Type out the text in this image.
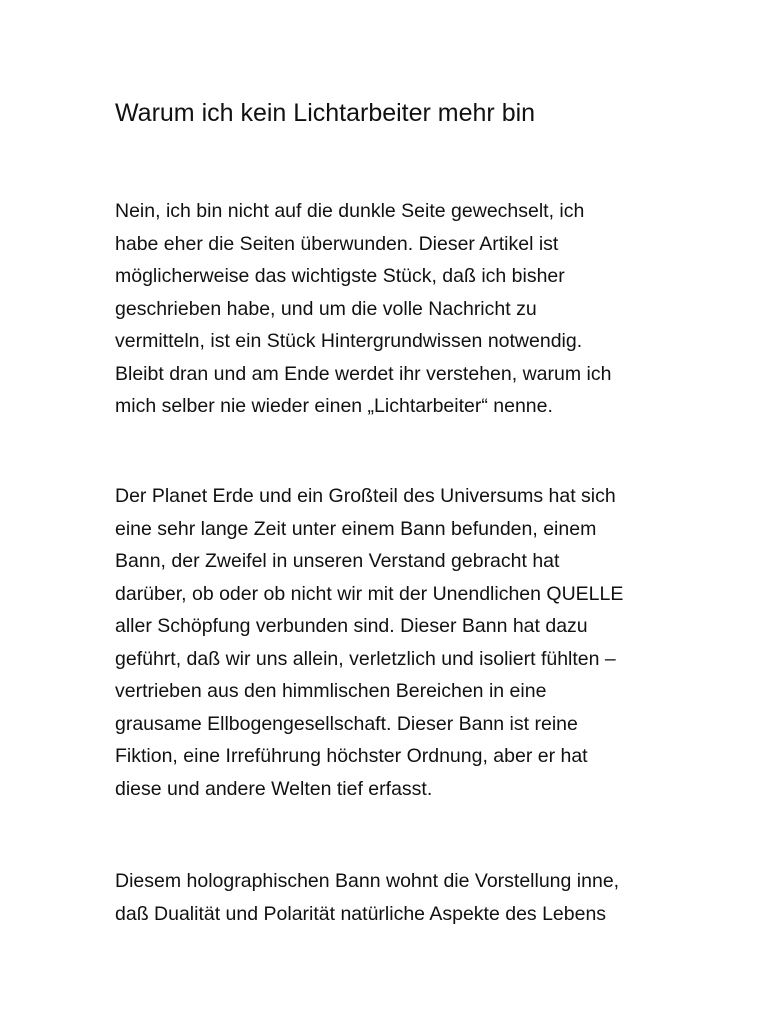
Warum ich kein Lichtarbeiter mehr bin
Nein, ich bin nicht auf die dunkle Seite gewechselt, ich
habe eher die Seiten überwunden. Dieser Artikel ist
möglicherweise das wichtigste Stück, daß ich bisher
geschrieben habe, und um die volle Nachricht zu
vermitteln, ist ein Stück Hintergrundwissen notwendig.
Bleibt dran und am Ende werdet ihr verstehen, warum ich
mich selber nie wieder einen „Lichtarbeiter“ nenne.
Der Planet Erde und ein Großteil des Universums hat sich
eine sehr lange Zeit unter einem Bann befunden, einem
Bann, der Zweifel in unseren Verstand gebracht hat
darüber, ob oder ob nicht wir mit der Unendlichen QUELLE
aller Schöpfung verbunden sind. Dieser Bann hat dazu
geführt, daß wir uns allein, verletzlich und isoliert fühlten –
vertrieben aus den himmlischen Bereichen in eine
grausame Ellbogengesellschaft. Dieser Bann ist reine
Fiktion, eine Irreführung höchster Ordnung, aber er hat
diese und andere Welten tief erfasst.
Diesem holographischen Bann wohnt die Vorstellung inne,
daß Dualität und Polarität natürliche Aspekte des Lebens
